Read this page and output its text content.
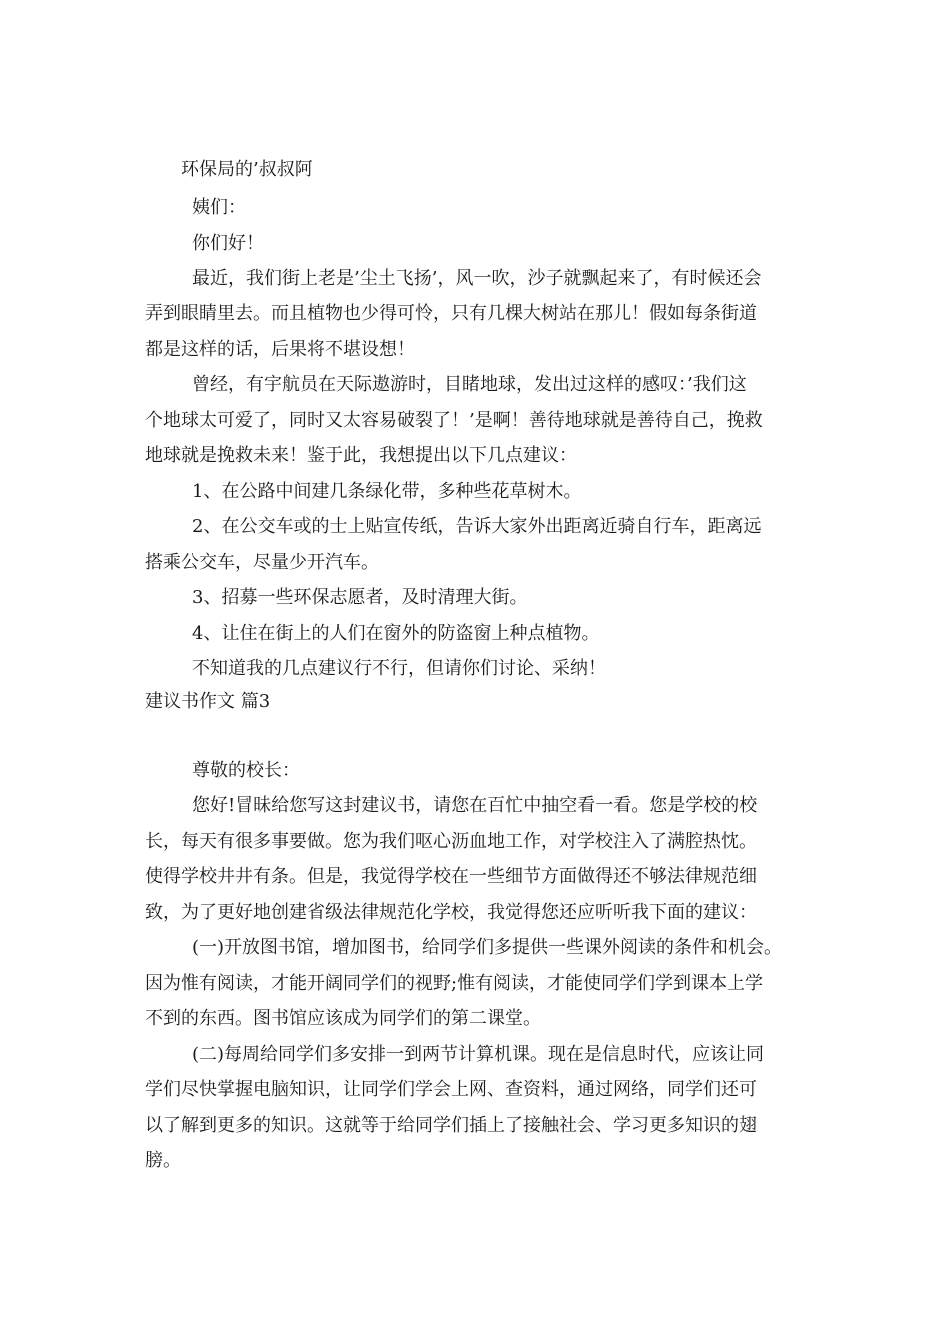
环保局的’叔叔阿
姨们：
你们好！
最近，我们街上老是’尘土飞扬’，风一吹，沙子就飘起来了，有时候还会
弄到眼睛里去。而且植物也少得可怜，只有几棵大树站在那儿！假如每条街道
都是这样的话，后果将不堪设想！
曾经，有宇航员在天际遨游时，目睹地球，发出过这样的感叹：’我们这
个地球太可爱了，同时又太容易破裂了！’是啊！善待地球就是善待自己，挽救
地球就是挽救未来！鉴于此，我想提出以下几点建议：
1、在公路中间建几条绿化带，多种些花草树木。
2、在公交车或的士上贴宣传纸，告诉大家外出距离近骑自行车，距离远
搭乘公交车，尽量少开汽车。
3、招募一些环保志愿者，及时清理大街。
4、让住在街上的人们在窗外的防盗窗上种点植物。
不知道我的几点建议行不行，但请你们讨论、采纳！
建议书作文 篇3
尊敬的校长：
您好!冒昧给您写这封建议书，请您在百忙中抽空看一看。您是学校的校
长，每天有很多事要做。您为我们呕心沥血地工作，对学校注入了满腔热忱。
使得学校井井有条。但是，我觉得学校在一些细节方面做得还不够法律规范细
致，为了更好地创建省级法律规范化学校，我觉得您还应听听我下面的建议：
(一)开放图书馆，增加图书，给同学们多提供一些课外阅读的条件和机会。
因为惟有阅读，才能开阔同学们的视野;惟有阅读，才能使同学们学到课本上学
不到的东西。图书馆应该成为同学们的第二课堂。
(二)每周给同学们多安排一到两节计算机课。现在是信息时代，应该让同
学们尽快掌握电脑知识，让同学们学会上网、查资料，通过网络，同学们还可
以了解到更多的知识。这就等于给同学们插上了接触社会、学习更多知识的翅
膀。
